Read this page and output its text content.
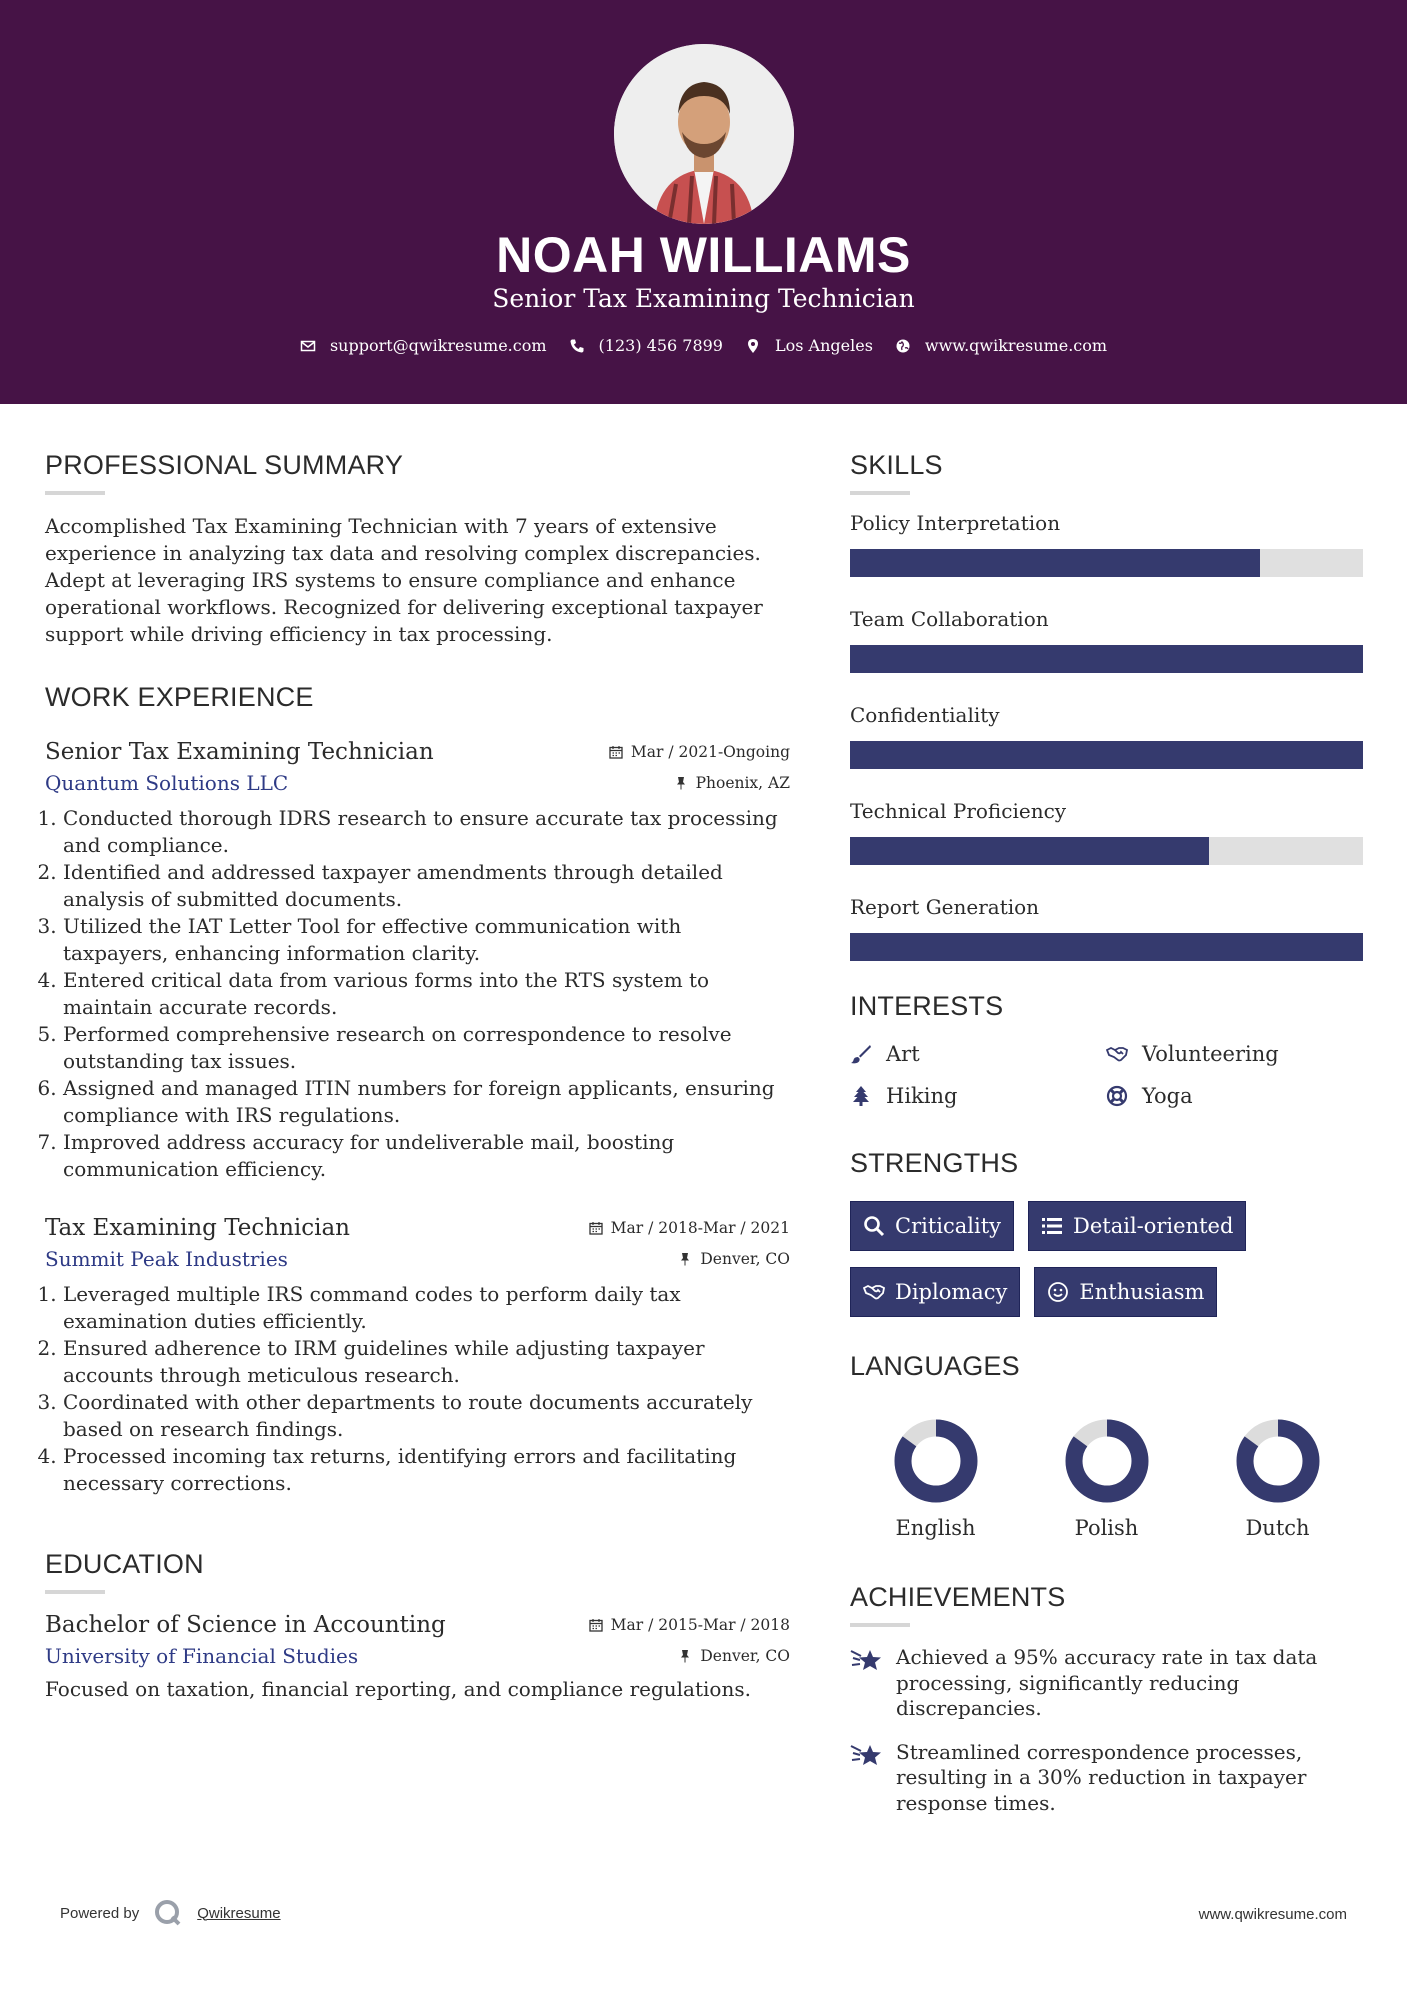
NOAH WILLIAMS
Senior Tax Examining Technician
support@qwikresume.com	(123) 456 7899	Los Angeles	www.qwikresume.com
PROFESSIONAL SUMMARY

Accomplished Tax Examining Technician with 7 years of extensive experience in analyzing tax data and resolving complex discrepancies. Adept at leveraging IRS systems to ensure compliance and enhance operational workflows. Recognized for delivering exceptional taxpayer support while driving efficiency in tax processing.

WORK EXPERIENCE
Senior Tax Examining Technician	Mar / 2021-Ongoing
Quantum Solutions LLC	Phoenix, AZ
1. Conducted thorough IDRS research to ensure accurate tax processing and compliance.
2. Identified and addressed taxpayer amendments through detailed analysis of submitted documents.
3. Utilized the IAT Letter Tool for effective communication with taxpayers, enhancing information clarity.
4. Entered critical data from various forms into the RTS system to maintain accurate records.
5. Performed comprehensive research on correspondence to resolve outstanding tax issues.
6. Assigned and managed ITIN numbers for foreign applicants, ensuring compliance with IRS regulations.
7. Improved address accuracy for undeliverable mail, boosting communication efficiency.
Tax Examining Technician	Mar / 2018-Mar / 2021
Summit Peak Industries	Denver, CO
1. Leveraged multiple IRS command codes to perform daily tax examination duties efficiently.
2. Ensured adherence to IRM guidelines while adjusting taxpayer accounts through meticulous research.
3. Coordinated with other departments to route documents accurately based on research findings.
4. Processed incoming tax returns, identifying errors and facilitating necessary corrections.
EDUCATION
Bachelor of Science in Accounting	Mar / 2015-Mar / 2018
University of Financial Studies	Denver, CO

Focused on taxation, financial reporting, and compliance regulations.

SKILLS
Policy Interpretation
Team Collaboration
Confidentiality
Technical Proficiency
Report Generation
INTERESTS
Art	Volunteering
Hiking	Yoga
STRENGTHS
Criticality	Detail-oriented
Diplomacy	Enthusiasm
LANGUAGES
English	Polish	Dutch
ACHIEVEMENTS
Achieved a 95% accuracy rate in tax data processing, significantly reducing discrepancies.
Streamlined correspondence processes, resulting in a 30% reduction in taxpayer response times.
Powered by	Qwikresume	www.qwikresume.com
